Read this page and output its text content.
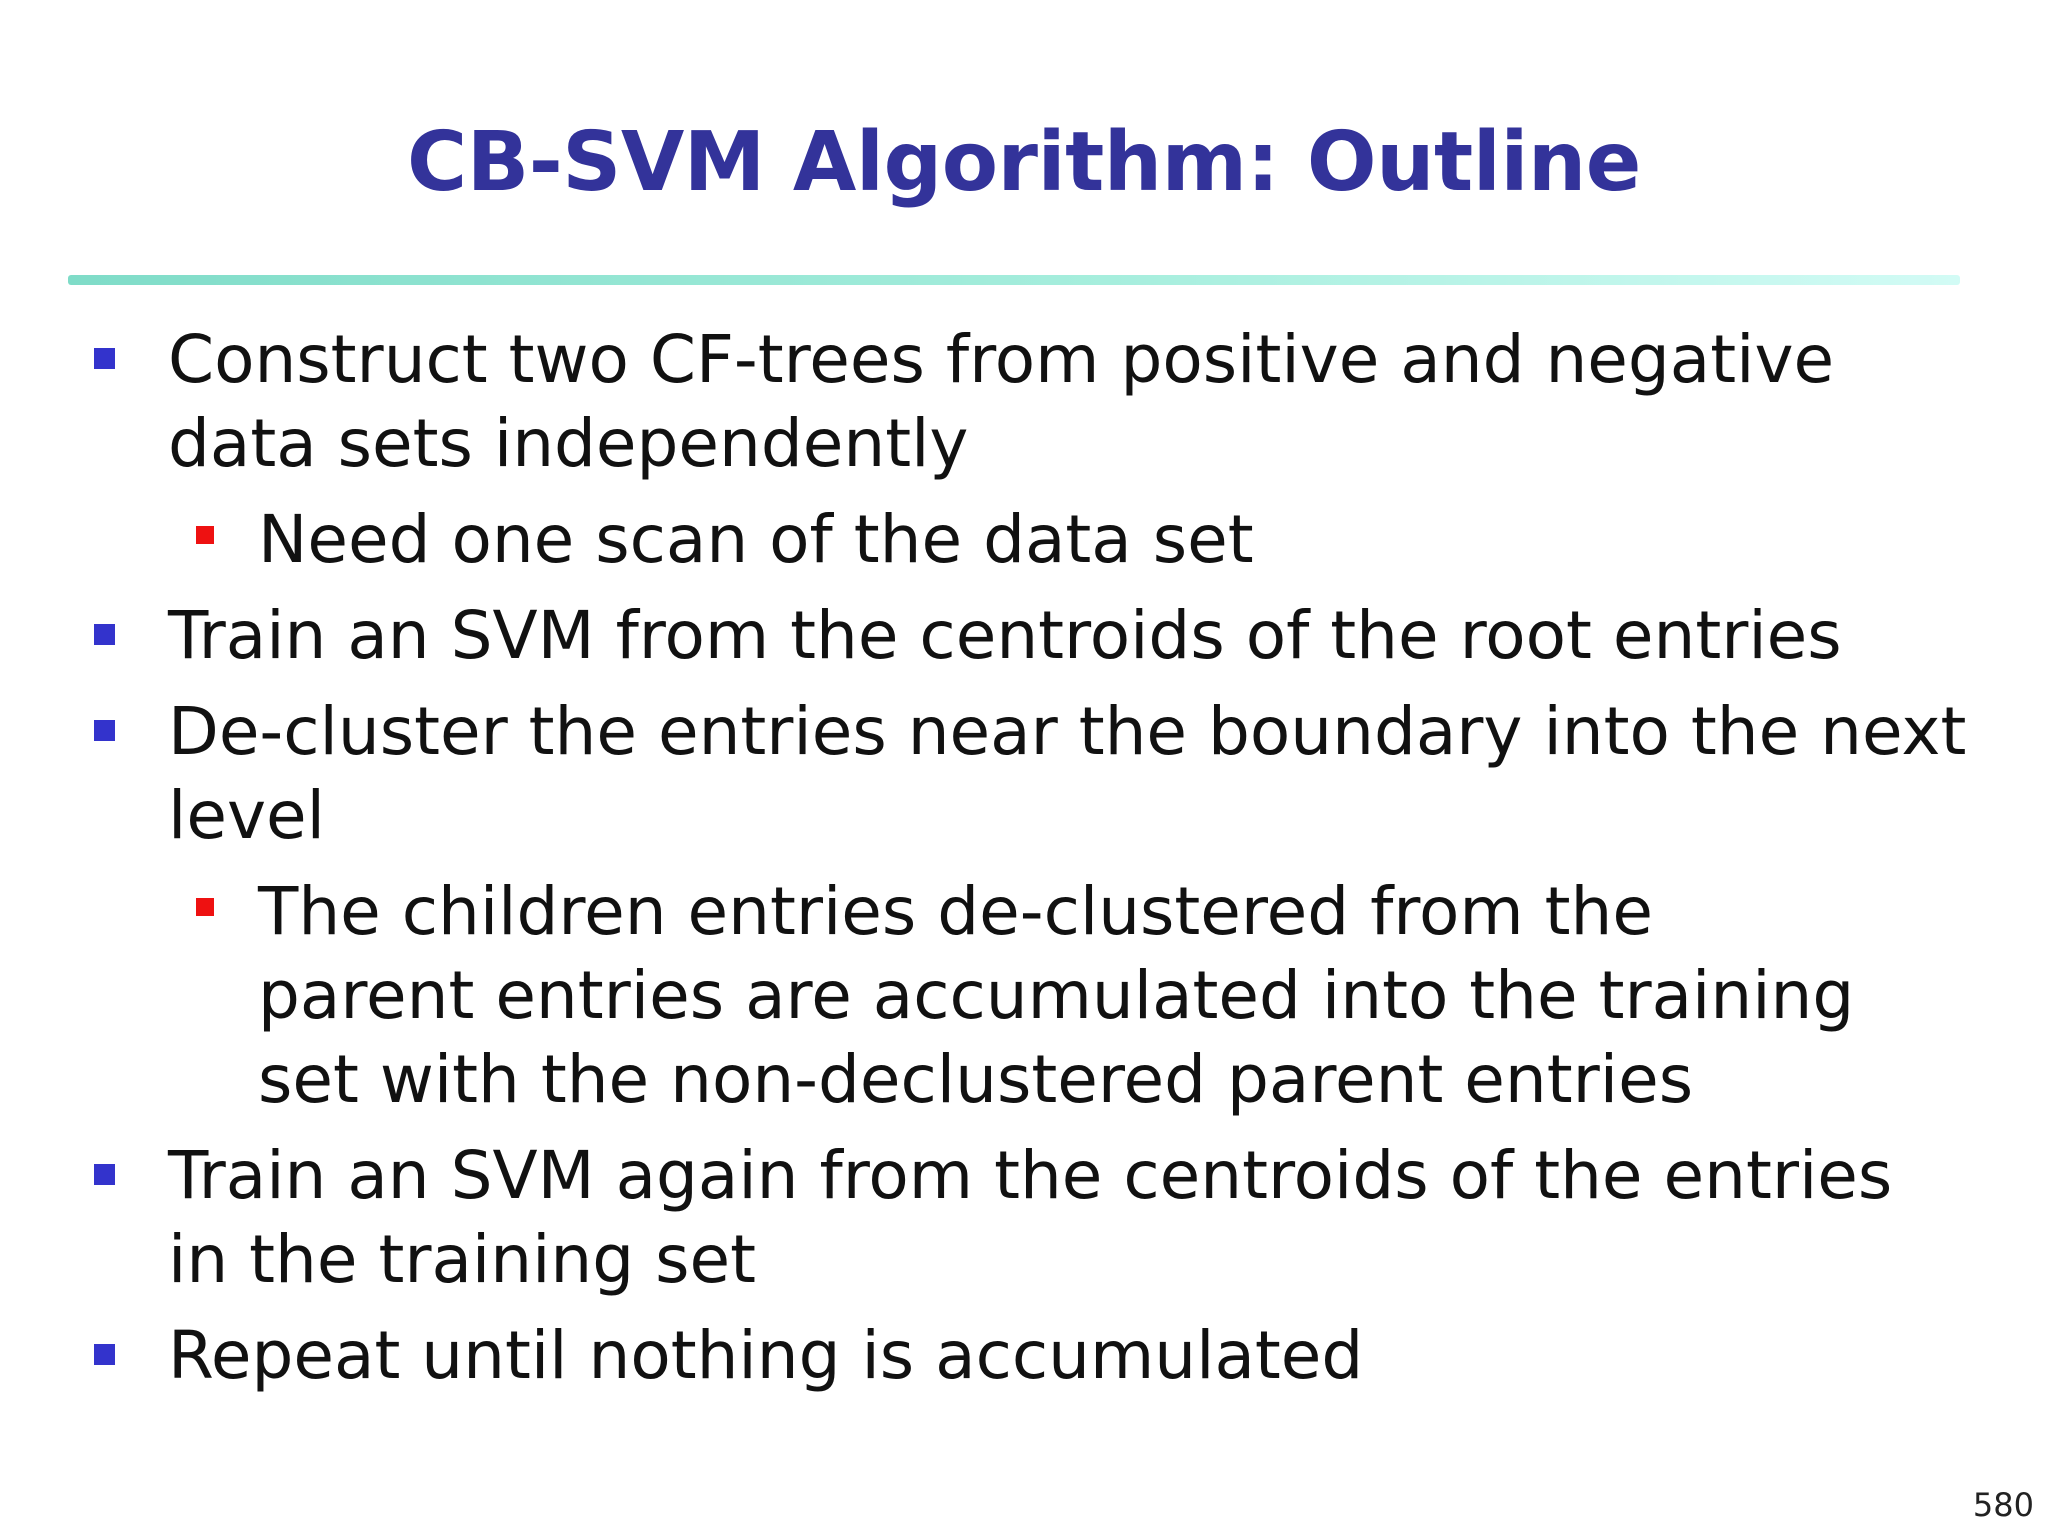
CB-SVM Algorithm: Outline
Construct two CF-trees from positive and negative data sets independently
Need one scan of the data set
Train an SVM from the centroids of the root entries
De-cluster the entries near the boundary into the next level
The children entries de-clustered from the parent entries are accumulated into the training set with the non-declustered parent entries
Train an SVM again from the centroids of the entries in the training set
Repeat until nothing is accumulated
580
